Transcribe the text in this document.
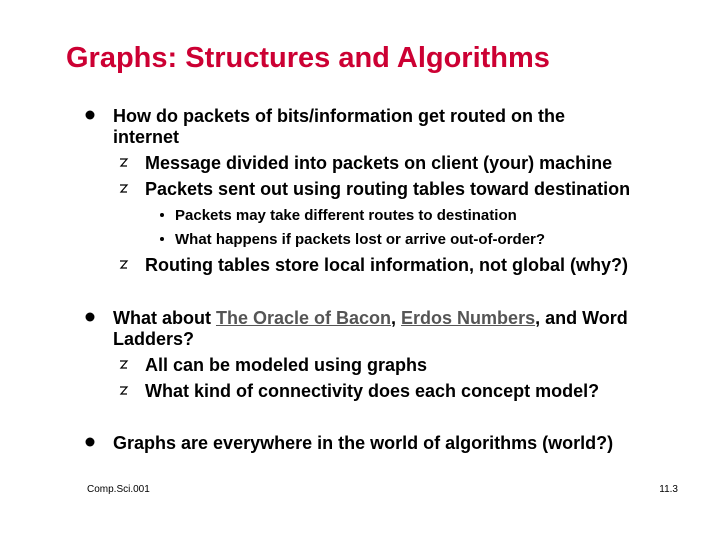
Graphs: Structures and Algorithms
How do packets of bits/information get routed on the
internet
Message divided into packets on client (your) machine
Packets sent out using routing tables toward destination
Packets may take different routes to destination
What happens if packets lost or arrive out-of-order?
Routing tables store local information, not global (why?)
What about The Oracle of Bacon, Erdos Numbers, and Word
Ladders?
All can be modeled using graphs
What kind of connectivity does each concept model?
Graphs are everywhere in the world of algorithms (world?)
Comp.Sci.001	11.3
